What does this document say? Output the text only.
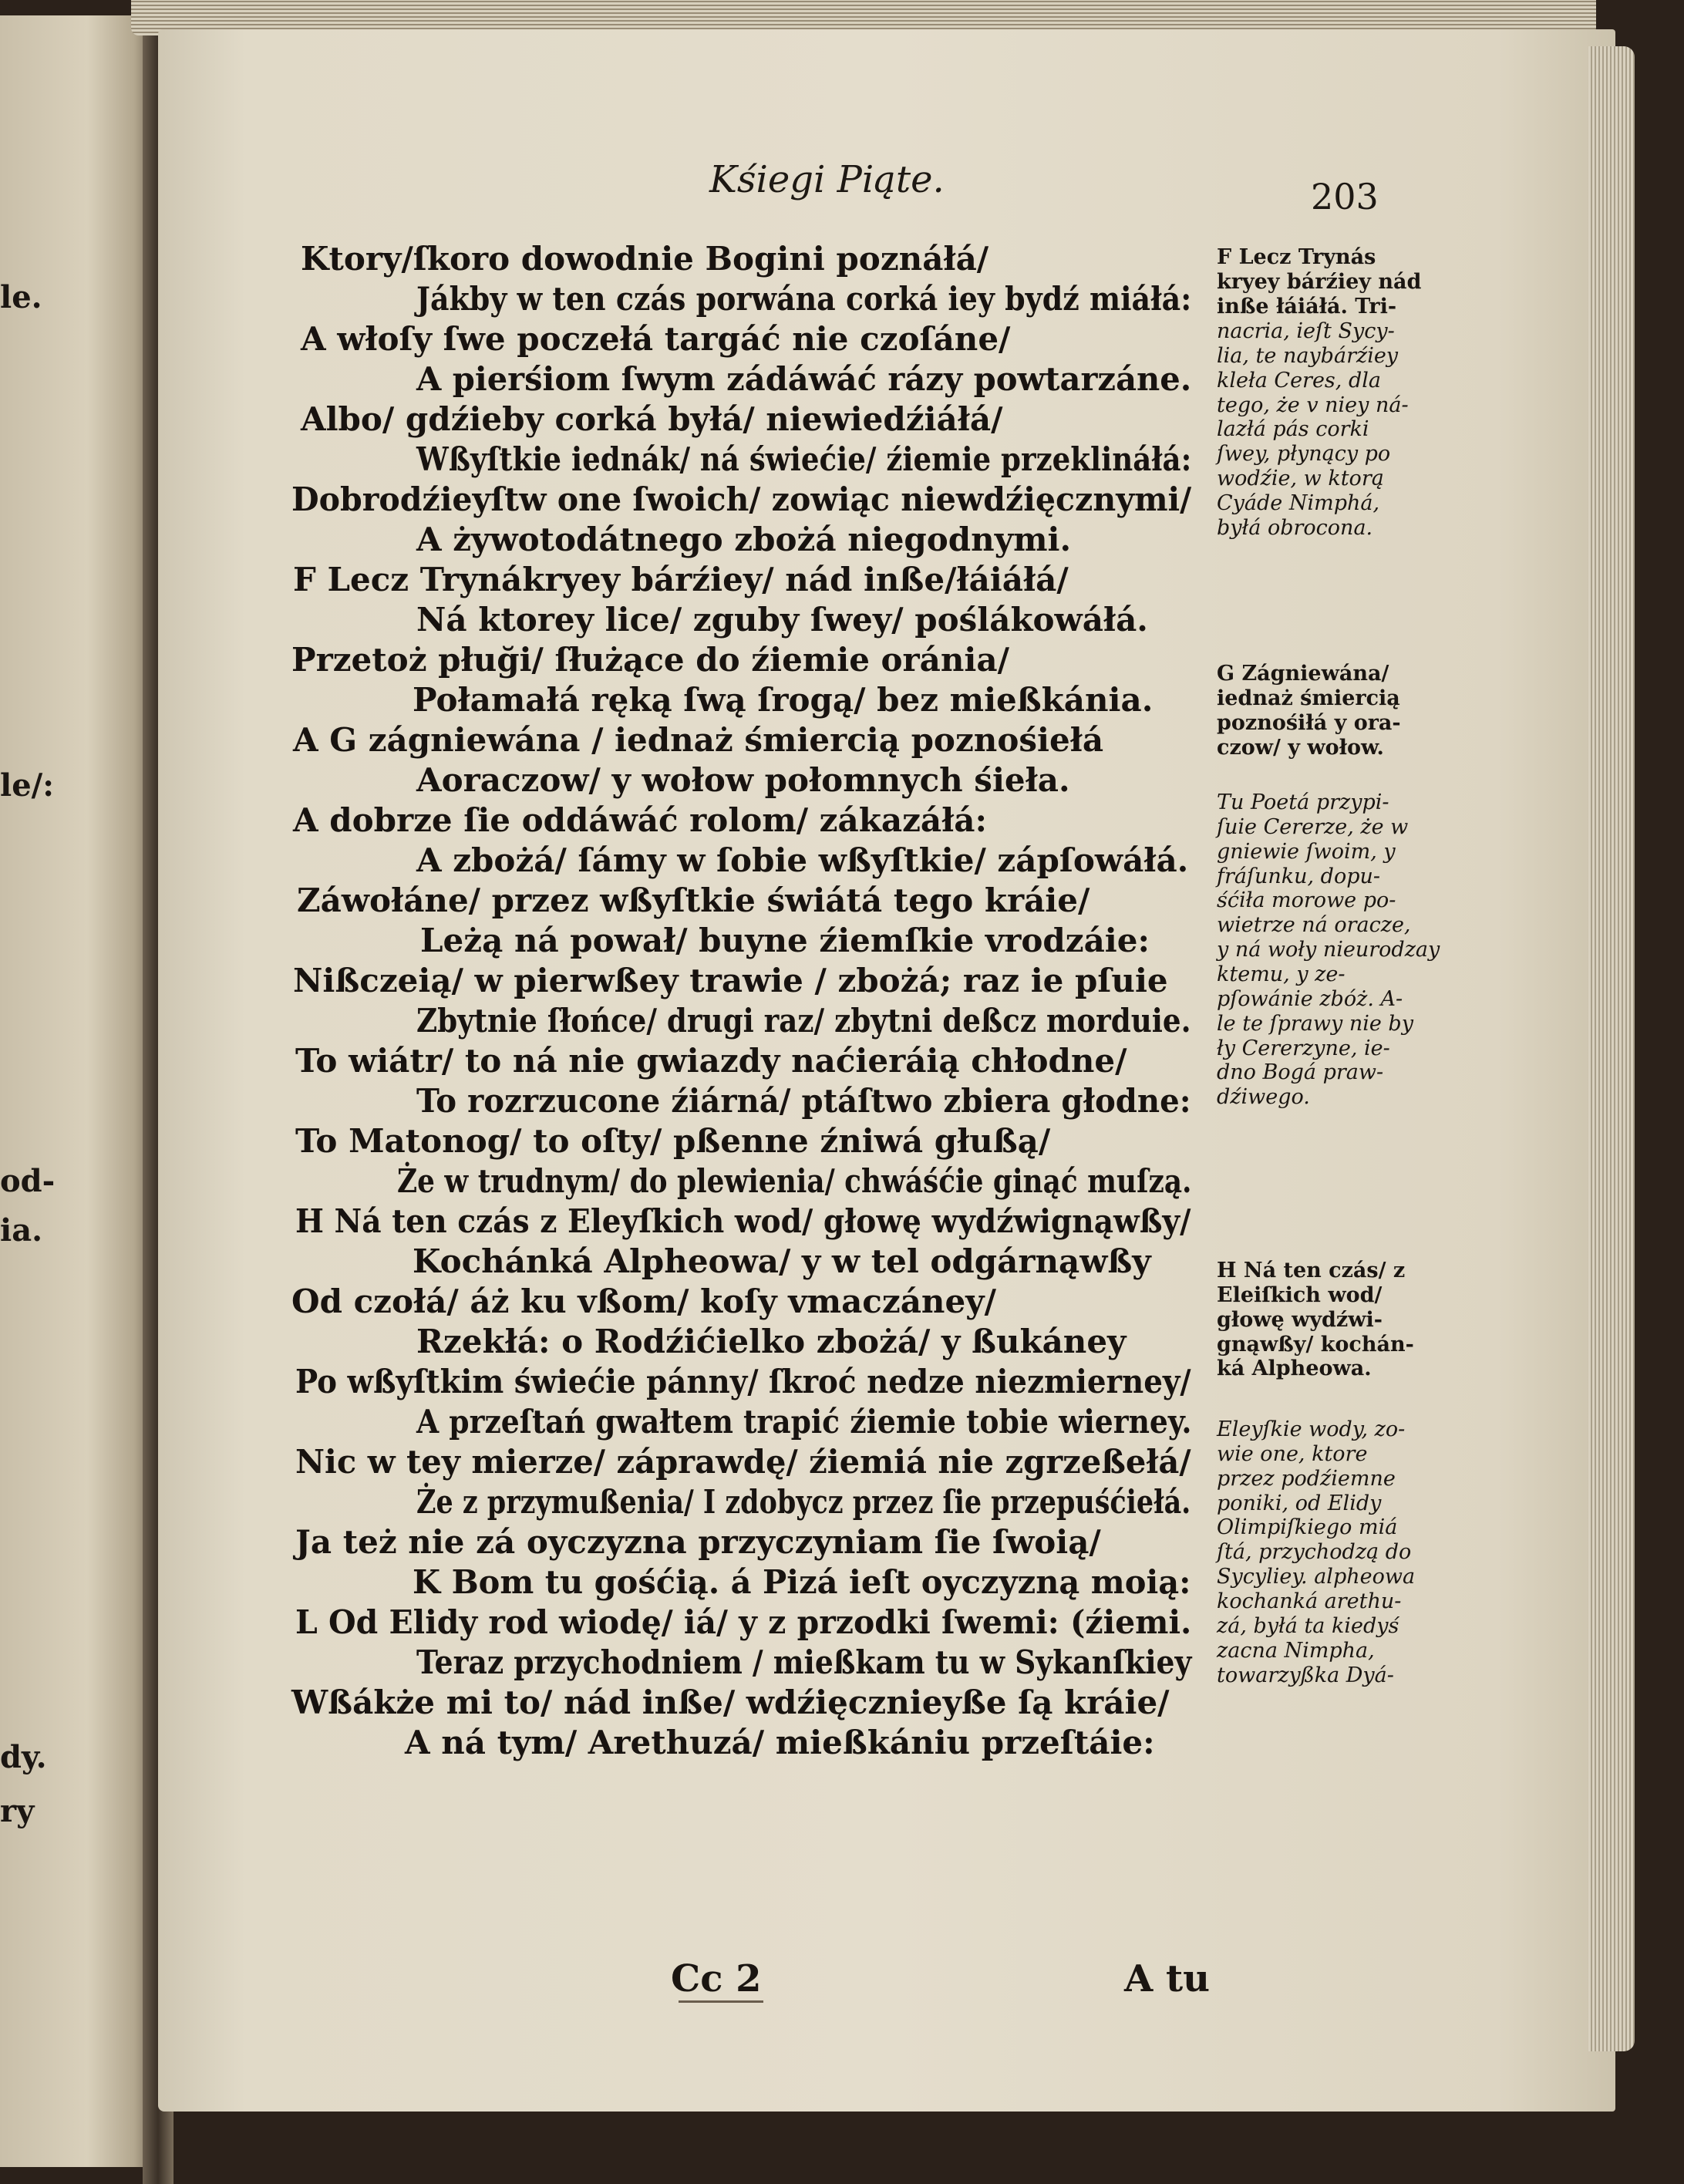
le.
le/:
od-
ia.
dy.
ry
Kśiegi Piąte.	203
Ktory/ſkoro dowodnie Bogini poznáłá/
Jákby w ten czás porwána corká iey bydź miáłá:
A włoſy ſwe poczełá targáć nie czoſáne/
A pierśiom ſwym zádáwáć rázy powtarzáne.
Albo/ gdźieby corká byłá/ niewiedźiáłá/
Wßyſtkie iednák/ ná świećie/ źiemie przeklináłá:
Dobrodźieyſtw one ſwoich/ zowiąc niewdźięcznymi/
A żywotodátnego zbożá niegodnymi.
F Lecz Trynákryey bárźiey/ nád inße/łáiáłá/
Ná ktorey lice/ zguby ſwey/ poślákowáłá.
Przetoż płuği/ ſłużące do źiemie oránia/
Połamałá ręką ſwą ſrogą/ bez mießkánia.
A G zágniewána / iednaż śmiercią poznośiełá
Aoraczow/ y wołow połomnych śieła.
A dobrze ſie oddáwáć rolom/ zákazáłá:
A zbożá/ ſámy w ſobie wßyſtkie/ zápſowáłá.
Záwołáne/ przez wßyſtkie świátá tego kráie/
Leżą ná pował/ buyne źiemſkie vrodzáie:
Nißczeią/ w pierwßey trawie / zbożá; raz ie pſuie
Zbytnie ſłońce/ drugi raz/ zbytni deßcz morduie.
To wiátr/ to ná nie gwiazdy naćieráią chłodne/
To rozrzucone źiárná/ ptáſtwo zbiera głodne:
To Matonog/ to oſty/ pßenne źniwá głußą/
Że w trudnym/ do plewienia/ chwáśćie ginąć muſzą.
H Ná ten czás z Eleyſkich wod/ głowę wydźwignąwßy/
Kochánká Alpheowa/ y w tel odgárnąwßy
Od czołá/ áż ku vßom/ koſy vmaczáney/
Rzekłá: o Rodźićielko zbożá/ y ßukáney
Po wßyſtkim świećie pánny/ ſkroć nedze niezmierney/
A przeſtań gwałtem trapić źiemie tobie wierney.
Nic w tey mierze/ záprawdę/ źiemiá nie zgrzeßełá/
Że z przymußenia/ I zdobycz przez ſie przepuśćiełá.
Ja też nie zá oyczyzna przyczyniam ſie ſwoią/
K Bom tu gośćią. á Pizá ieſt oyczyzną moią:
L Od Elidy rod wiodę/ iá/ y z przodki ſwemi: (źiemi.
Teraz przychodniem / mießkam tu w Sykanſkiey
Wßákże mi to/ nád inße/ wdźięcznieyße ſą kráie/
A ná tym/ Arethuzá/ mießkániu przeſtáie:
F Lecz Trynás
kryey bárźiey nád
inße łáiáłá. Tri-
nacria, ieſt Sycy-
lia, te naybárźiey
kleła Ceres, dla
tego, że v niey ná-
lazłá pás corki
ſwey, płynący po
wodźie, w ktorą
Cyáde Nimphá,
byłá obrocona.
G Zágniewána/
iednaż śmiercią
poznośiłá y ora-
czow/ y wołow.
Tu Poetá przypi-
ſuie Cererze, że w
gniewie ſwoim, y
fráſunku, dopu-
śćiła morowe po-
wietrze ná oracze,
y ná woły nieurodzay
ktemu, y ze-
pſowánie zbóż. A-
le te ſprawy nie by
ły Cererzyne, ie-
dno Bogá praw-
dźiwego.
H Ná ten czás/ z
Eleiſkich wod/
głowę wydźwi-
gnąwßy/ kochán-
ká Alpheowa.
Eleyſkie wody, zo-
wie one, ktore
przez podźiemne
poniki, od Elidy
Olimpiſkiego miá
ſtá, przychodzą do
Sycyliey. alpheowa
kochanká arethu-
zá, byłá ta kiedyś
zacna Nimpha,
towarzyßka Dyá-
Cc 2	A tu
